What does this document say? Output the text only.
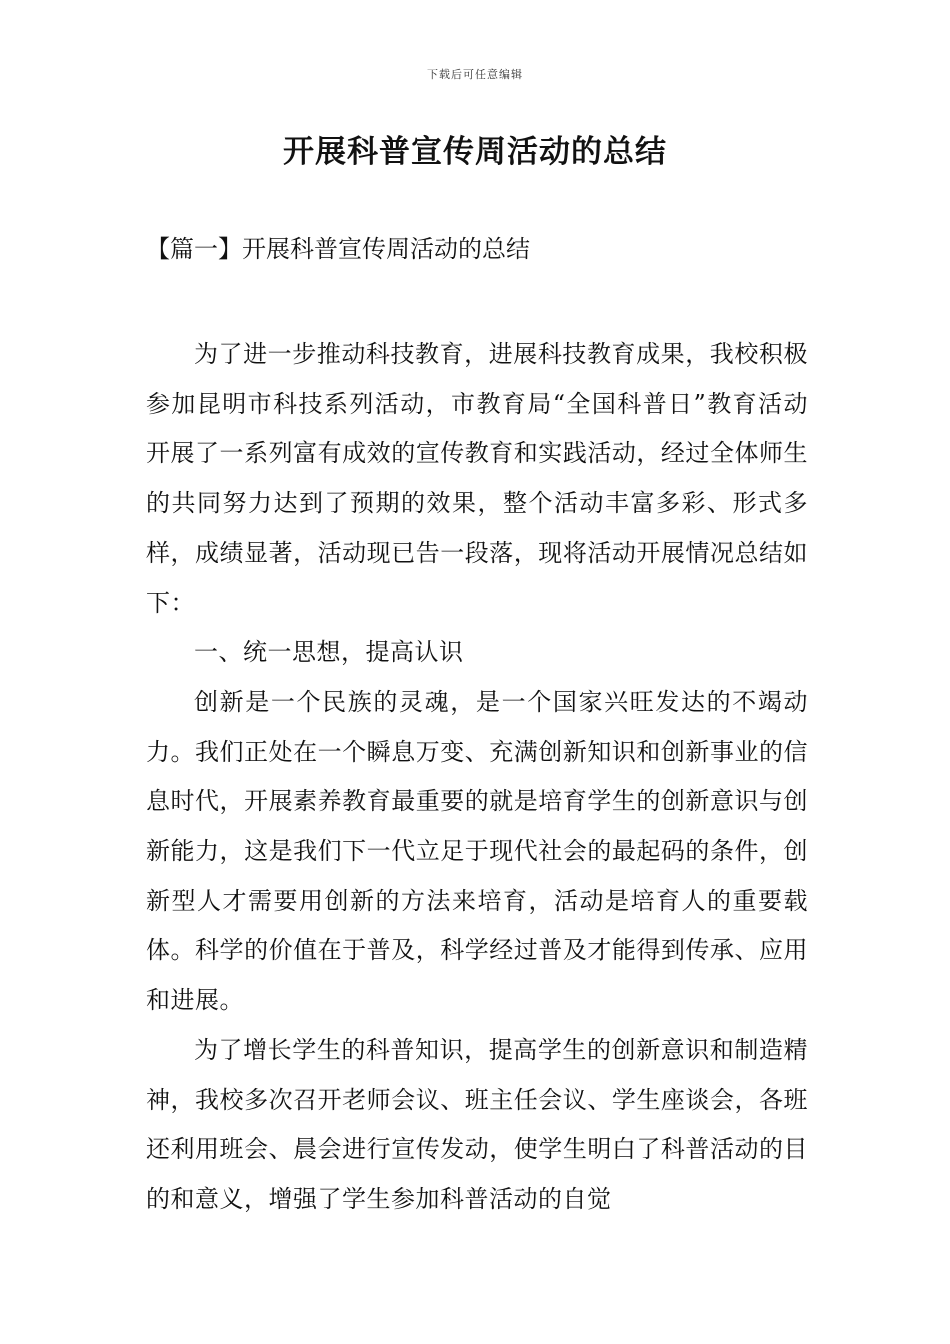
下载后可任意编辑
开展科普宣传周活动的总结
【篇一】开展科普宣传周活动的总结

为了进一步推动科技教育，进展科技教育成果，我校积极参加昆明市科技系列活动，市教育局“全国科普日”教育活动开展了一系列富有成效的宣传教育和实践活动，经过全体师生的共同努力达到了预期的效果，整个活动丰富多彩、形式多样，成绩显著，活动现已告一段落，现将活动开展情况总结如下：

一、统一思想，提高认识

创新是一个民族的灵魂，是一个国家兴旺发达的不竭动力。我们正处在一个瞬息万变、充满创新知识和创新事业的信息时代，开展素养教育最重要的就是培育学生的创新意识与创新能力，这是我们下一代立足于现代社会的最起码的条件，创新型人才需要用创新的方法来培育，活动是培育人的重要载体。科学的价值在于普及，科学经过普及才能得到传承、应用和进展。

为了增长学生的科普知识，提高学生的创新意识和制造精神，我校多次召开老师会议、班主任会议、学生座谈会，各班还利用班会、晨会进行宣传发动，使学生明白了科普活动的目的和意义，增强了学生参加科普活动的自觉
